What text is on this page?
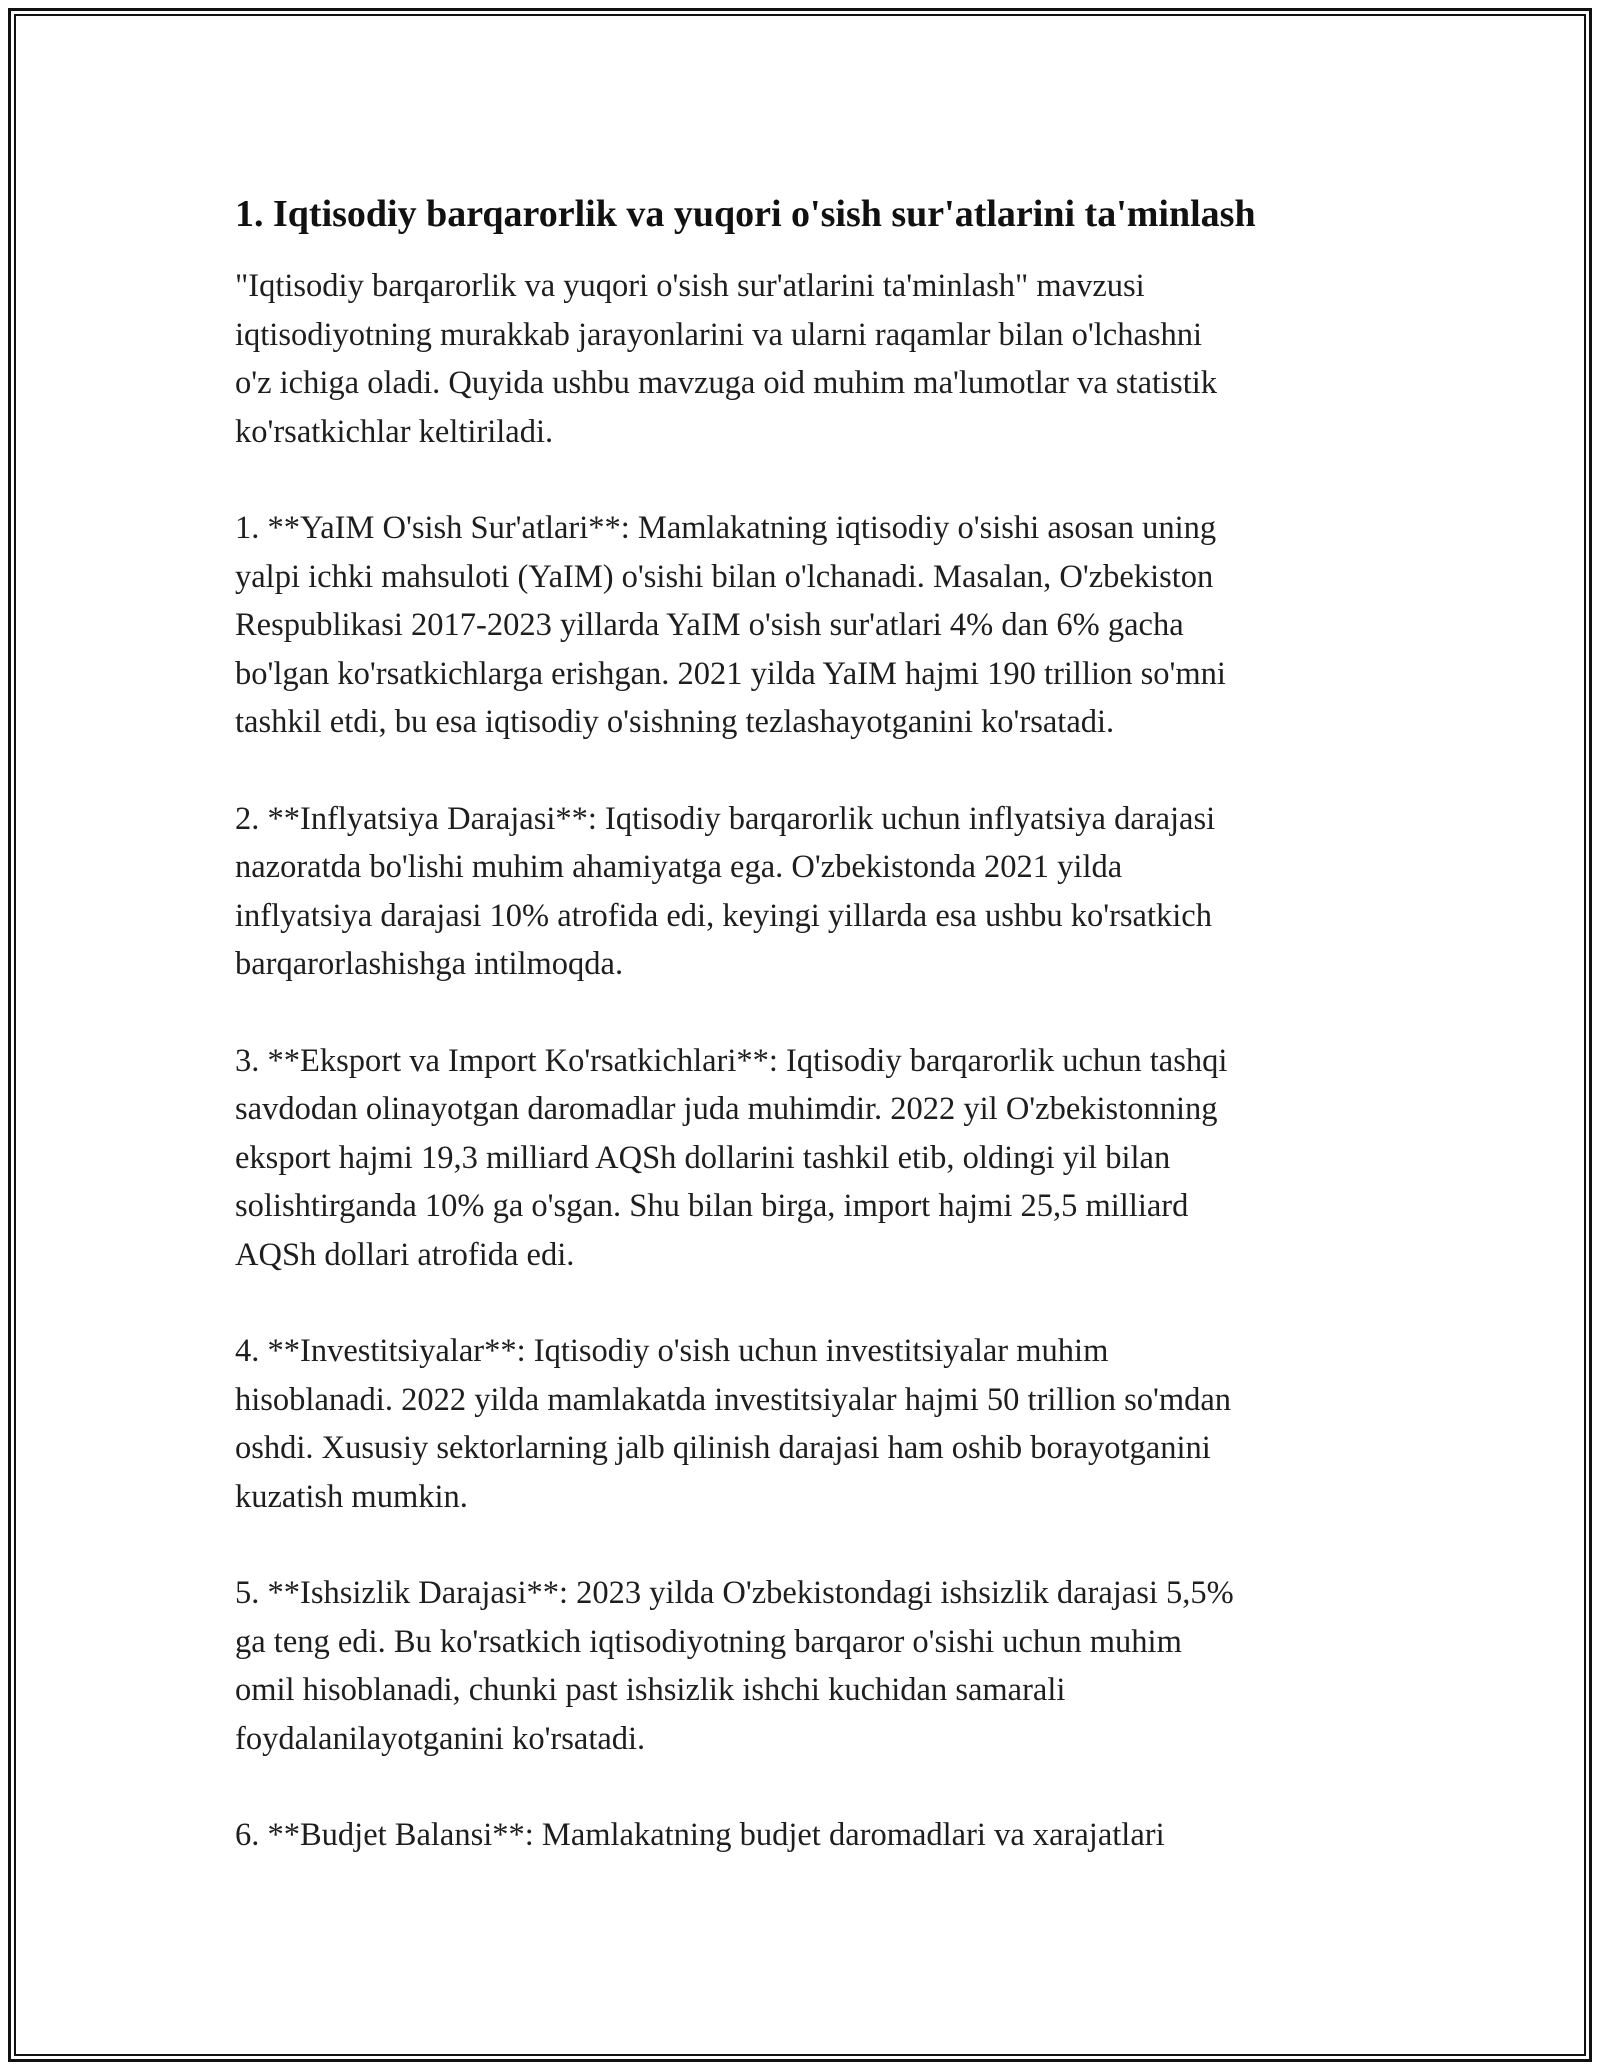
1. Iqtisodiy barqarorlik va yuqori o'sish sur'atlarini ta'minlash

"Iqtisodiy barqarorlik va yuqori o'sish sur'atlarini ta'minlash" mavzusi
iqtisodiyotning murakkab jarayonlarini va ularni raqamlar bilan o'lchashni
o'z ichiga oladi. Quyida ushbu mavzuga oid muhim ma'lumotlar va statistik
ko'rsatkichlar keltiriladi.

1. **YaIM O'sish Sur'atlari**: Mamlakatning iqtisodiy o'sishi asosan uning
yalpi ichki mahsuloti (YaIM) o'sishi bilan o'lchanadi. Masalan, O'zbekiston
Respublikasi 2017-2023 yillarda YaIM o'sish sur'atlari 4% dan 6% gacha
bo'lgan ko'rsatkichlarga erishgan. 2021 yilda YaIM hajmi 190 trillion so'mni
tashkil etdi, bu esa iqtisodiy o'sishning tezlashayotganini ko'rsatadi.

2. **Inflyatsiya Darajasi**: Iqtisodiy barqarorlik uchun inflyatsiya darajasi
nazoratda bo'lishi muhim ahamiyatga ega. O'zbekistonda 2021 yilda
inflyatsiya darajasi 10% atrofida edi, keyingi yillarda esa ushbu ko'rsatkich
barqarorlashishga intilmoqda.

3. **Eksport va Import Ko'rsatkichlari**: Iqtisodiy barqarorlik uchun tashqi
savdodan olinayotgan daromadlar juda muhimdir. 2022 yil O'zbekistonning
eksport hajmi 19,3 milliard AQSh dollarini tashkil etib, oldingi yil bilan
solishtirganda 10% ga o'sgan. Shu bilan birga, import hajmi 25,5 milliard
AQSh dollari atrofida edi.

4. **Investitsiyalar**: Iqtisodiy o'sish uchun investitsiyalar muhim
hisoblanadi. 2022 yilda mamlakatda investitsiyalar hajmi 50 trillion so'mdan
oshdi. Xususiy sektorlarning jalb qilinish darajasi ham oshib borayotganini
kuzatish mumkin.

5. **Ishsizlik Darajasi**: 2023 yilda O'zbekistondagi ishsizlik darajasi 5,5%
ga teng edi. Bu ko'rsatkich iqtisodiyotning barqaror o'sishi uchun muhim
omil hisoblanadi, chunki past ishsizlik ishchi kuchidan samarali
foydalanilayotganini ko'rsatadi.

6. **Budjet Balansi**: Mamlakatning budjet daromadlari va xarajatlari
